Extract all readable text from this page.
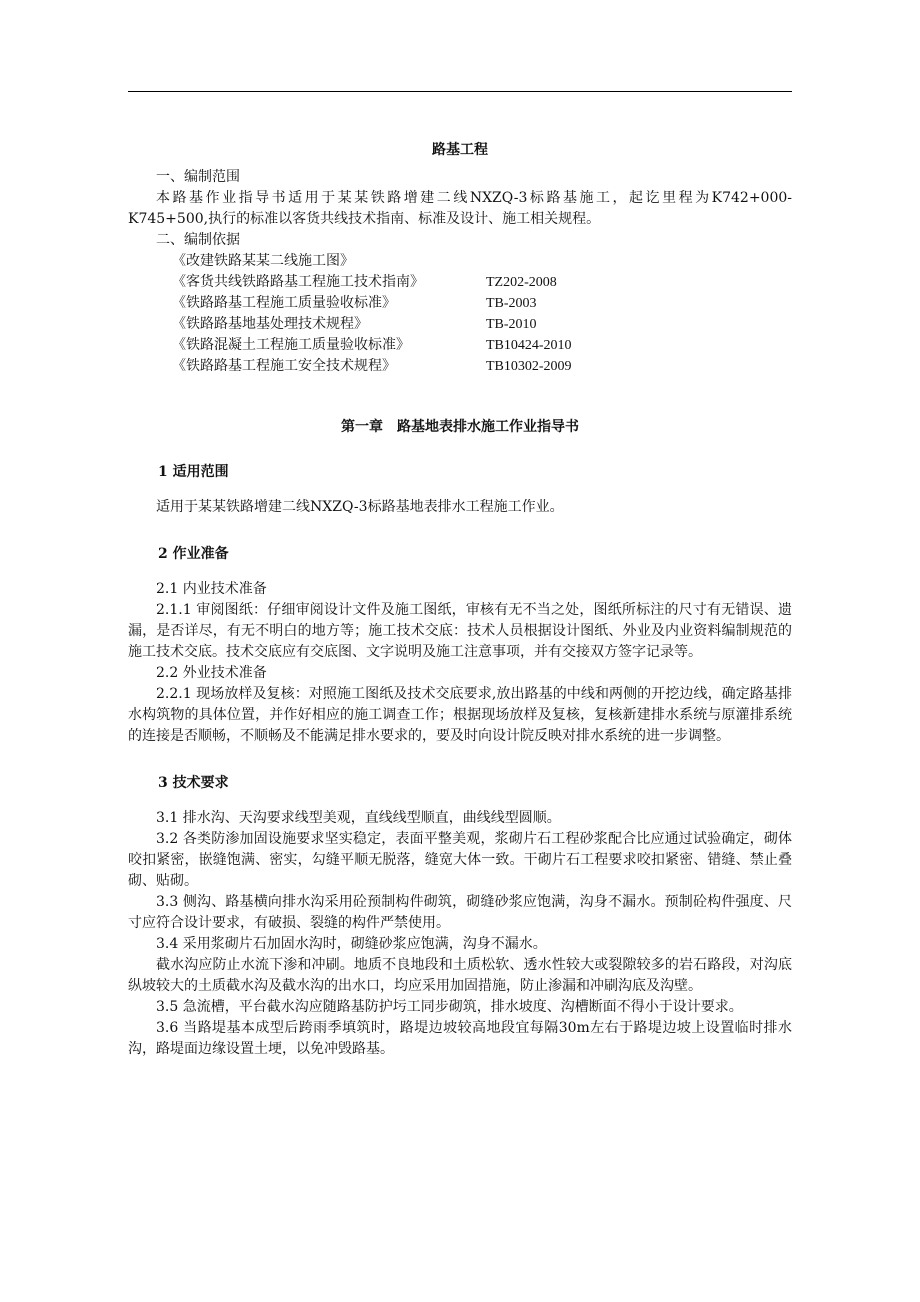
路基工程

一、编制范围

本路基作业指导书适用于某某铁路增建二线NXZQ-3标路基施工，起讫里程为K742+000-K745+500,执行的标准以客货共线技术指南、标准及设计、施工相关规程。

二、编制依据

《改建铁路某某二线施工图》
《客货共线铁路路基工程施工技术指南》	TZ202-2008
《铁路路基工程施工质量验收标准》	TB-2003
《铁路路基地基处理技术规程》	TB-2010
《铁路混凝土工程施工质量验收标准》	TB10424-2010
《铁路路基工程施工安全技术规程》	TB10302-2009

第一章　路基地表排水施工作业指导书

1 适用范围

适用于某某铁路增建二线NXZQ-3标路基地表排水工程施工作业。

2 作业准备

2.1 内业技术准备

2.1.1 审阅图纸：仔细审阅设计文件及施工图纸，审核有无不当之处，图纸所标注的尺寸有无错误、遗漏，是否详尽，有无不明白的地方等；施工技术交底：技术人员根据设计图纸、外业及内业资料编制规范的施工技术交底。技术交底应有交底图、文字说明及施工注意事项，并有交接双方签字记录等。

2.2 外业技术准备

2.2.1 现场放样及复核：对照施工图纸及技术交底要求,放出路基的中线和两侧的开挖边线，确定路基排水构筑物的具体位置，并作好相应的施工调查工作；根据现场放样及复核，复核新建排水系统与原灌排系统的连接是否顺畅，不顺畅及不能满足排水要求的，要及时向设计院反映对排水系统的进一步调整。

3 技术要求

3.1 排水沟、天沟要求线型美观，直线线型顺直，曲线线型圆顺。

3.2 各类防渗加固设施要求坚实稳定，表面平整美观，浆砌片石工程砂浆配合比应通过试验确定，砌体咬扣紧密，嵌缝饱满、密实，勾缝平顺无脱落，缝宽大体一致。干砌片石工程要求咬扣紧密、错缝、禁止叠砌、贴砌。

3.3 侧沟、路基横向排水沟采用砼预制构件砌筑，砌缝砂浆应饱满，沟身不漏水。预制砼构件强度、尺寸应符合设计要求，有破损、裂缝的构件严禁使用。

3.4 采用浆砌片石加固水沟时，砌缝砂浆应饱满，沟身不漏水。

截水沟应防止水流下渗和冲刷。地质不良地段和土质松软、透水性较大或裂隙较多的岩石路段，对沟底纵坡较大的土质截水沟及截水沟的出水口，均应采用加固措施，防止渗漏和冲刷沟底及沟壁。

3.5 急流槽，平台截水沟应随路基防护圬工同步砌筑，排水坡度、沟槽断面不得小于设计要求。

3.6 当路堤基本成型后跨雨季填筑时，路堤边坡较高地段宜每隔30m左右于路堤边坡上设置临时排水沟，路堤面边缘设置土埂，以免冲毁路基。
